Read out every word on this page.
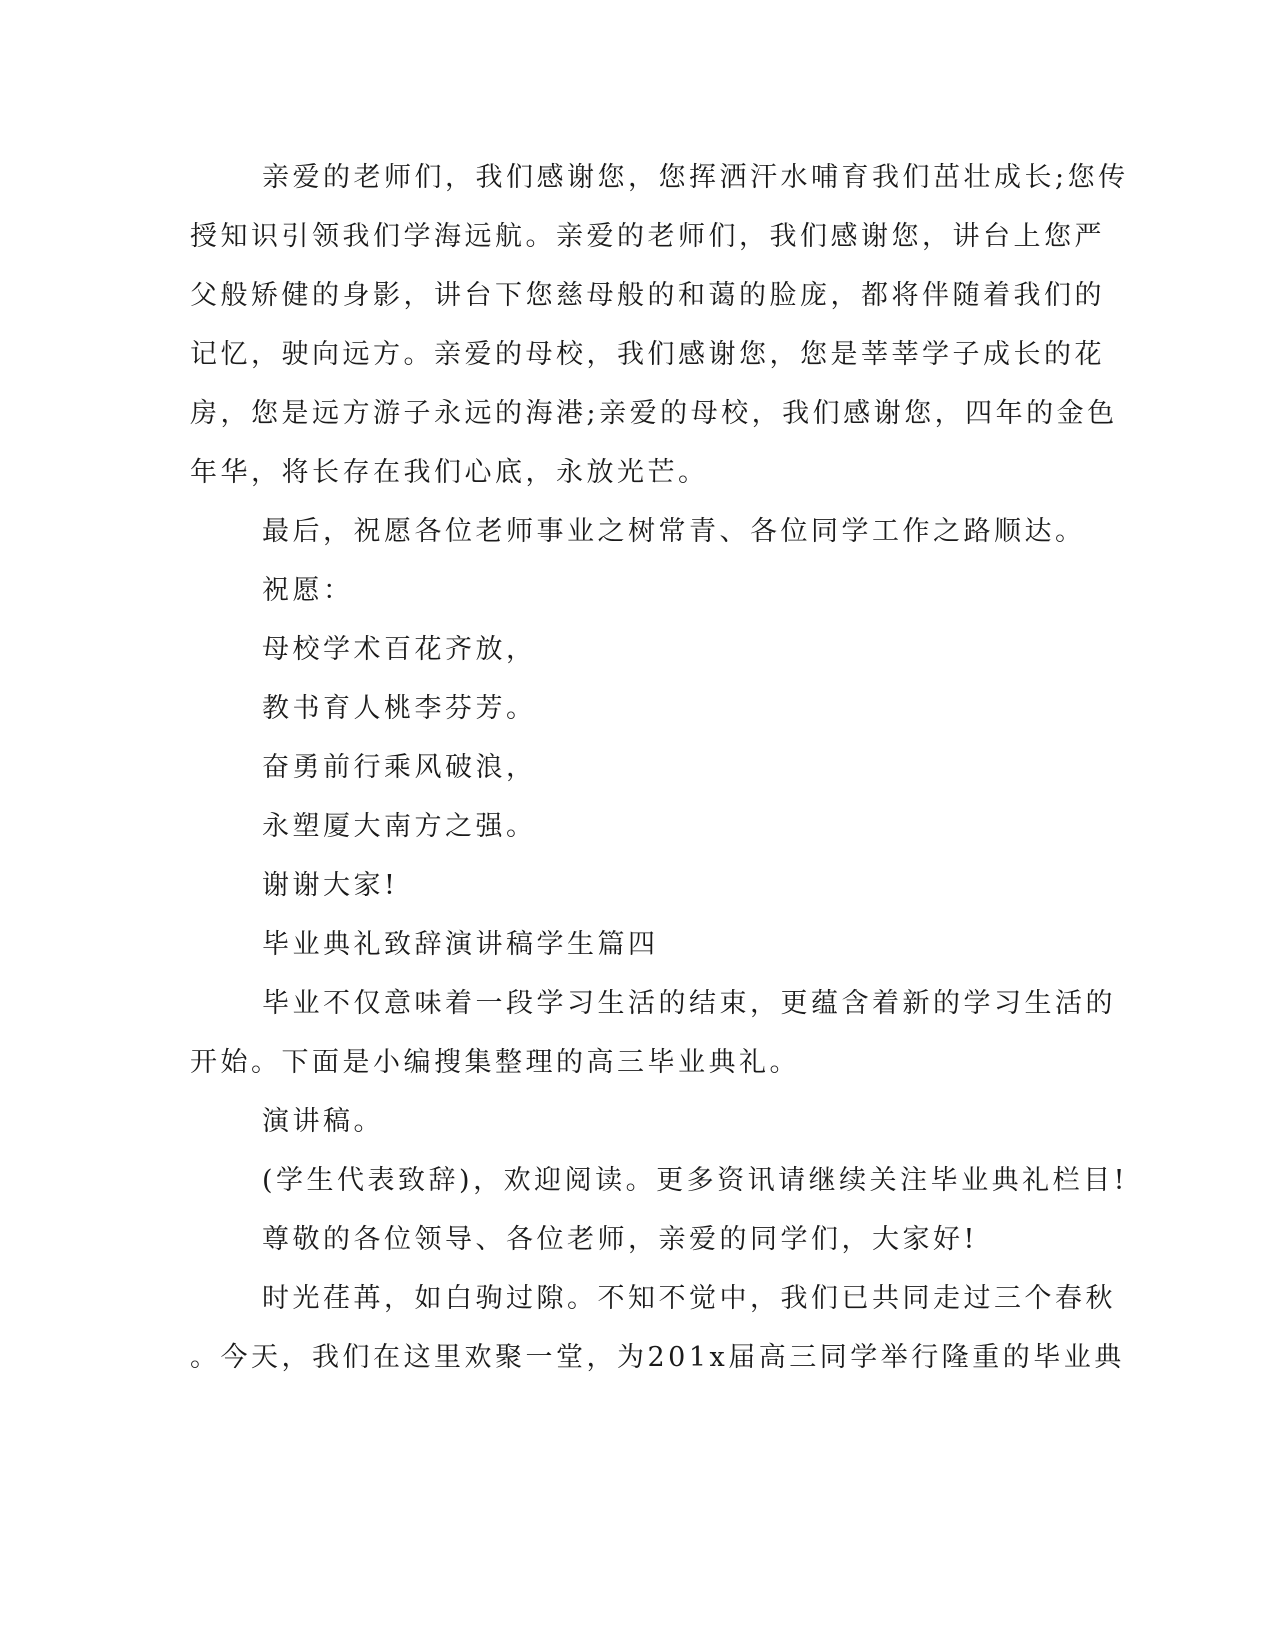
亲爱的老师们，我们感谢您，您挥洒汗水哺育我们茁壮成长;您传
授知识引领我们学海远航。亲爱的老师们，我们感谢您，讲台上您严
父般矫健的身影，讲台下您慈母般的和蔼的脸庞，都将伴随着我们的
记忆，驶向远方。亲爱的母校，我们感谢您，您是莘莘学子成长的花
房，您是远方游子永远的海港;亲爱的母校，我们感谢您，四年的金色
年华，将长存在我们心底，永放光芒。
最后，祝愿各位老师事业之树常青、各位同学工作之路顺达。
祝愿：
母校学术百花齐放，
教书育人桃李芬芳。
奋勇前行乘风破浪，
永塑厦大南方之强。
谢谢大家!
毕业典礼致辞演讲稿学生篇四
毕业不仅意味着一段学习生活的结束，更蕴含着新的学习生活的
开始。下面是小编搜集整理的高三毕业典礼。
演讲稿。
(学生代表致辞)，欢迎阅读。更多资讯请继续关注毕业典礼栏目!
尊敬的各位领导、各位老师，亲爱的同学们，大家好!
时光荏苒，如白驹过隙。不知不觉中，我们已共同走过三个春秋
。今天，我们在这里欢聚一堂，为201x届高三同学举行隆重的毕业典
